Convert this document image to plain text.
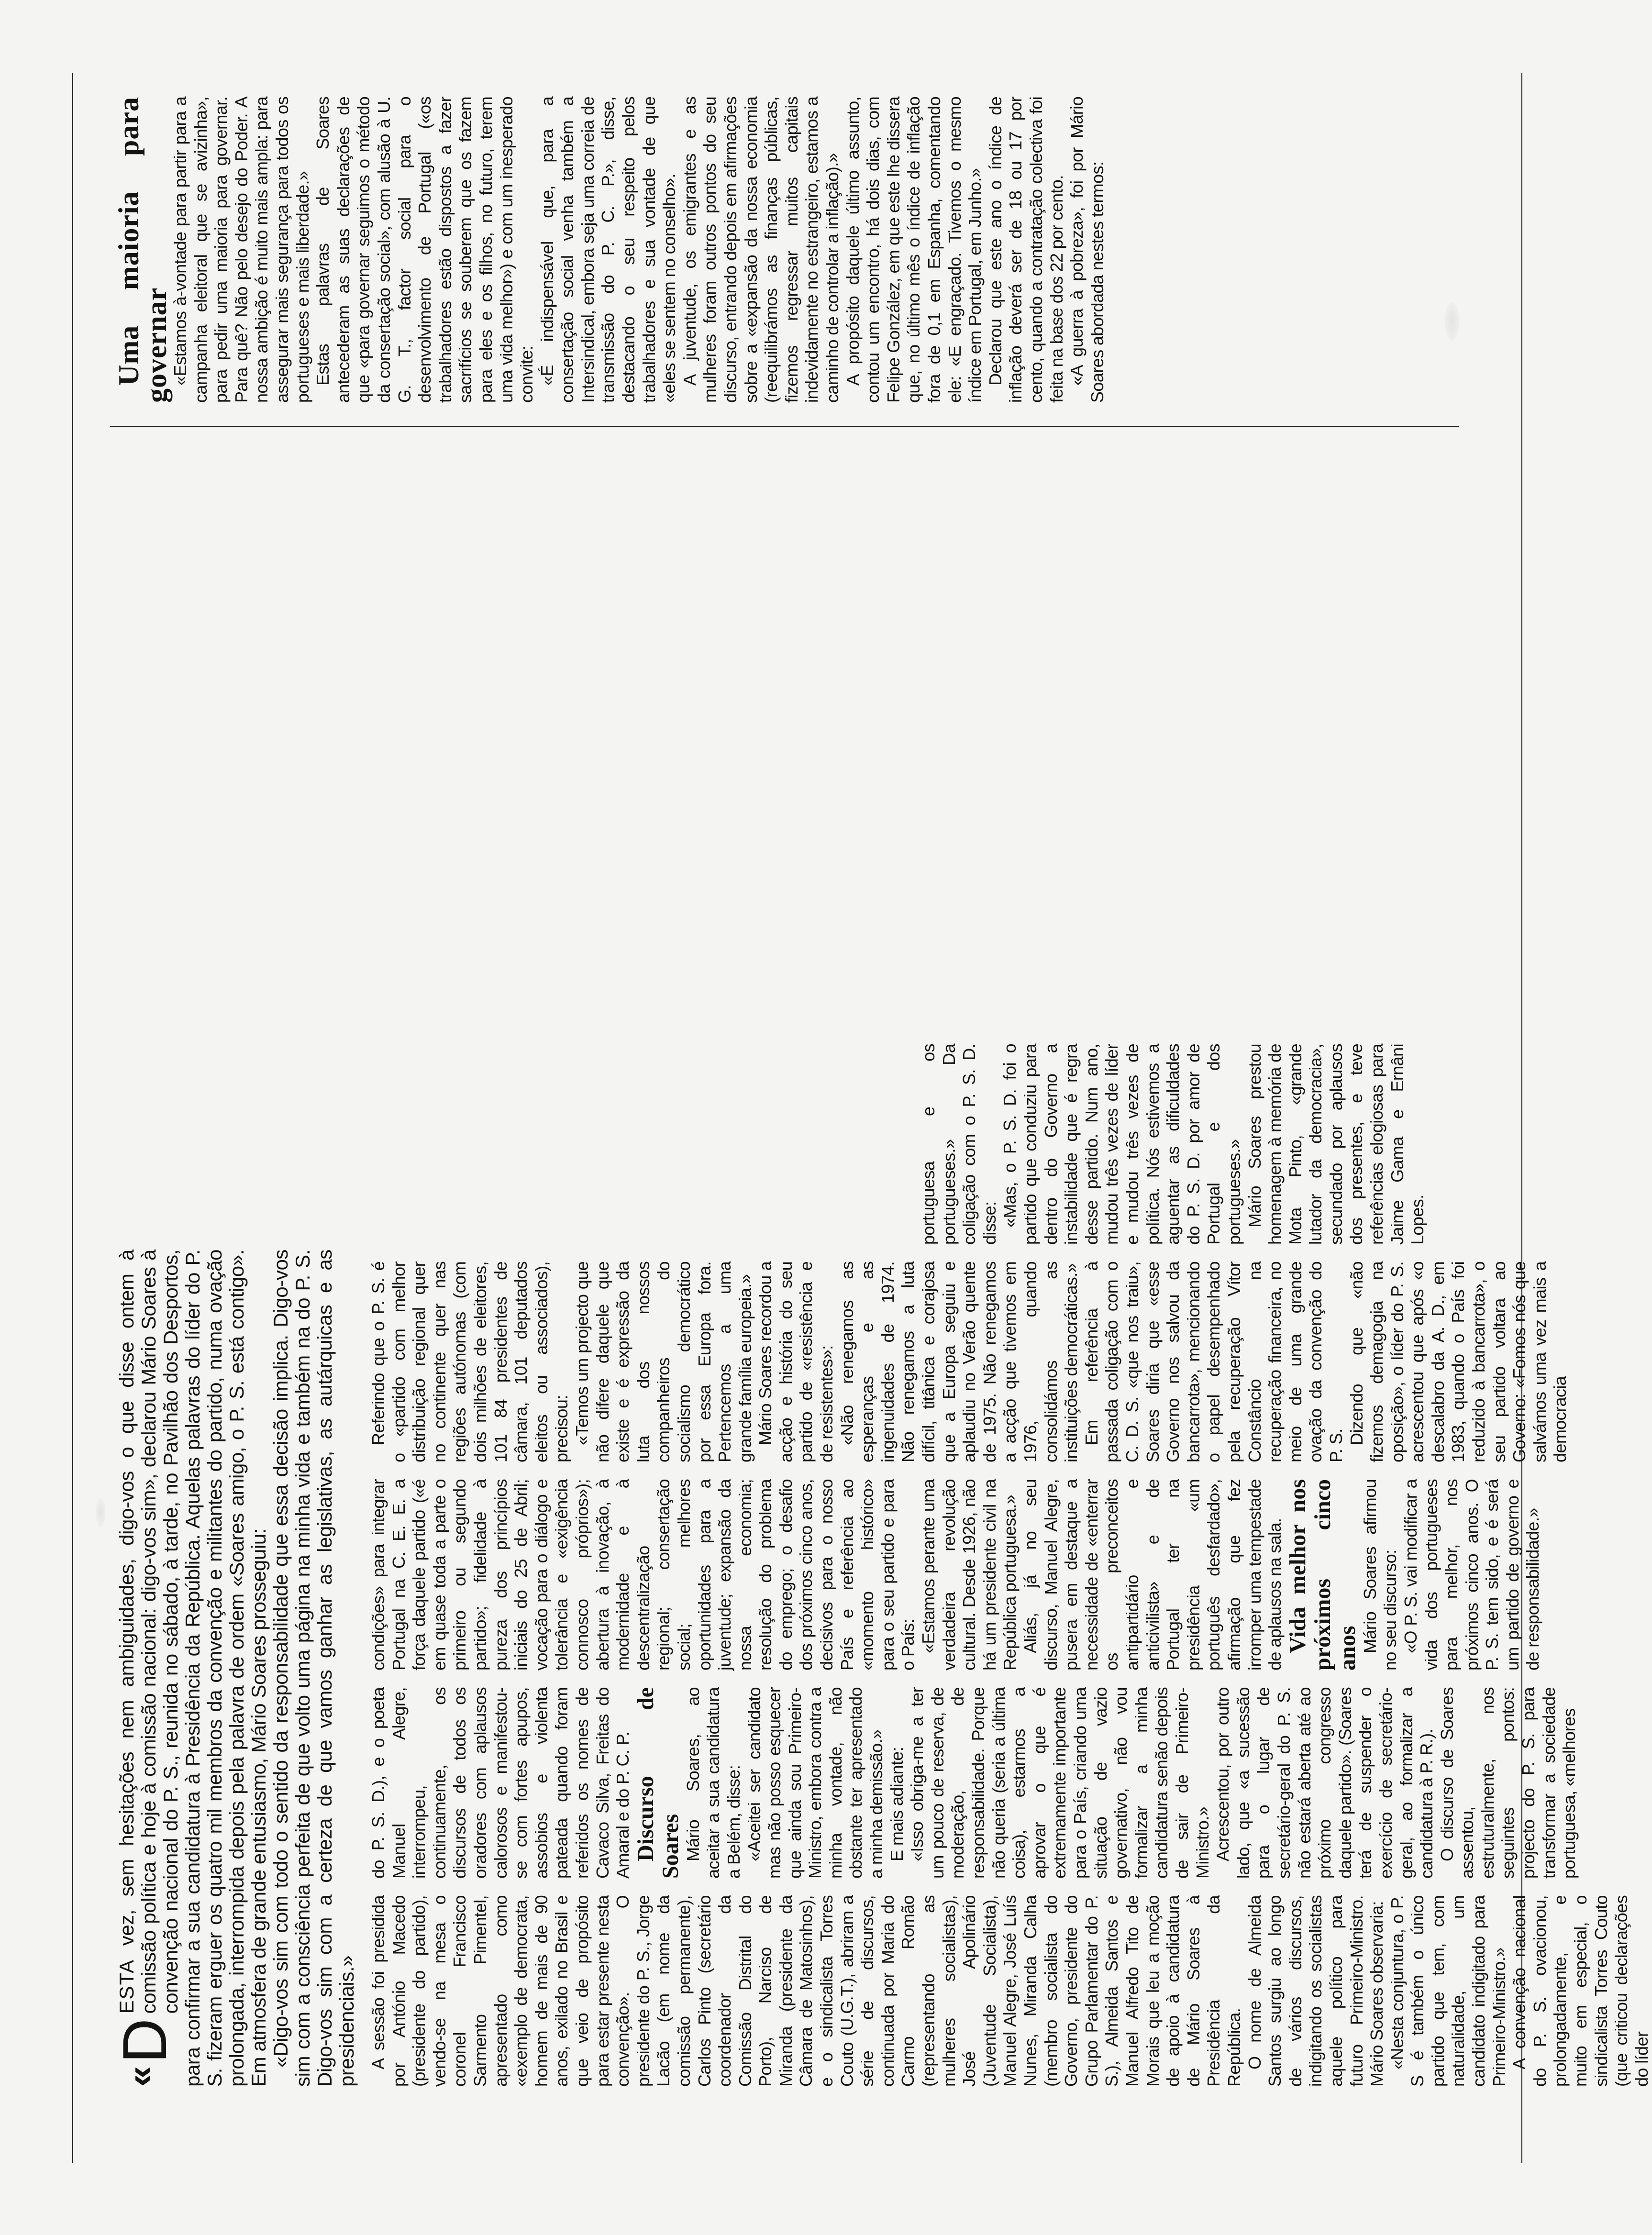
«
D

ESTA vez, sem hesitações nem ambiguidades, digo-vos o que disse ontem à comissão política e hoje à comissão nacional: digo-vos sim», declarou Mário Soares à convenção nacional do P. S., reunida no sábado, à tarde, no Pavilhão dos Desportos, para confirmar a sua candidatura à Presidência da República. Aquelas palavras do líder do P. S. fizeram erguer os quatro mil membros da convenção e militantes do partido, numa ovação prolongada, interrompida depois pela palavra de ordem «Soares amigo, o P. S. está contigo». Em atmosfera de grande entusiasmo, Mário Soares prosseguiu: «Digo-vos sim com todo o sentido da responsabilidade que essa decisão implica. Digo-vos sim com a consciência perfeita de que volto uma página na minha vida e também na do P. S. Digo-vos sim com a certeza de que vamos ganhar as legislativas, as autárquicas e as presidenciais.» A sessão foi presidida por António Macedo (presidente do partido), vendo-se na mesa o coronel Francisco Sarmento Pimentel, apresentado como «exemplo de democrata, homem de mais de 90 anos, exilado no Brasil e que veio de propósito para estar presente nesta convenção». O presidente do P. S., Jorge Lacão (em nome da comissão permanente), Carlos Pinto (secretário coordenador da Comissão Distrital do Porto), Narciso de Miranda (presidente da Câmara de Matosinhos), e o sindicalista Torres Couto (U.G.T.), abriram a série de discursos, continuada por Maria do Carmo Romão (representando as mulheres socialistas), José Apolinário (Juventude Socialista), Manuel Alegre, José Luís Nunes, Miranda Calha (membro socialista do Governo, presidente do Grupo Parlamentar do P. S.), Almeida Santos e Manuel Alfredo Tito de Morais que leu a moção de apoio à candidatura de Mário Soares à Presidência da República. O nome de Almeida Santos surgiu ao longo de vários discursos, indigitando os socialistas aquele político para futuro Primeiro-Ministro. Mário Soares observaria: «Nesta conjuntura, o P. S é também o único partido que tem, com naturalidade, um candidato indigitado para Primeiro-Ministro.» A convenção nacional do P. S. ovacionou, prolongadamente, e muito em especial, o sindicalista Torres Couto (que criticou declarações do líder

do P. S. D.), e o poeta Manuel Alegre, interrompeu, continuamente, os discursos de todos os oradores com aplausos calorosos e manifestou-se com fortes apupos, assobios e violenta pateada quando foram referidos os nomes de Cavaco Silva, Freitas do Amaral e do P. C. P. Discurso de Soares Mário Soares, ao aceitar a sua candidatura a Belém, disse: «Aceitei ser candidato mas não posso esquecer que ainda sou Primeiro-Ministro, embora contra a minha vontade, não obstante ter apresentado a minha demissão.» E mais adiante: «Isso obriga-me a ter um pouco de reserva, de moderação, de responsabilidade. Porque não queria (seria a última coisa), estarmos a aprovar o que é extremamente importante para o País, criando uma situação de vazio governativo, não vou formalizar a minha candidatura senão depois de sair de Primeiro-Ministro.» Acrescentou, por outro lado, que «a sucessão para o lugar de secretário-geral do P. S. não estará aberta até ao próximo congresso daquele partido». (Soares terá de suspender o exercício de secretário-geral, ao formalizar a candidatura à P. R.). O discurso de Soares assentou, estruturalmente, nos seguintes pontos: projecto do P. S. para transformar a sociedade portuguesa, «melhores

condições» para integrar Portugal na C. E. E. a força daquele partido («é em quase toda a parte o primeiro ou segundo partido»; fidelidade à pureza dos princípios iniciais do 25 de Abril; vocação para o diálogo e tolerância e «exigência connosco próprios»); abertura à inovação, à modernidade e à descentralização regional; consertação social; melhores oportunidades para a juventude; expansão da nossa economia; resolução do problema do emprego; o desafio dos próximos cinco anos, decisivos para o nosso País e referência ao «momento histórico» para o seu partido e para o País: «Estamos perante uma verdadeira revolução cultural. Desde 1926, não há um presidente civil na República portuguesa.» Aliás, já no seu discurso, Manuel Alegre, pusera em destaque a necessidade de «enterrar os preconceitos antipartidário e anticivilista» e de Portugal ter na presidência «um português desfardado», afirmação que fez irromper uma tempestade de aplausos na sala. Vida melhor nos próximos cinco anos Mário Soares afirmou no seu discurso: «O P. S. vai modificar a vida dos portugueses para melhor, nos próximos cinco anos. O P. S. tem sido, e é será um partido de governo e de responsabilidade.»

Referindo que o P. S. é o «partido com melhor distribuição regional quer no continente quer nas regiões autónomas (com dois milhões de eleitores, 101 84 presidentes de câmara, 101 deputados eleitos ou associados), precisou: «Temos um projecto que não difere daquele que existe e é expressão da luta dos nossos companheiros do socialismo democrático por essa Europa fora. Pertencemos a uma grande família europeia.» Mário Soares recordou a acção e história do seu partido de «resistência e de resistentes»: «Não renegamos as esperanças e as ingenuidades de 1974. Não renegamos a luta difícil, titânica e corajosa que a Europa seguiu e aplaudiu no Verão quente de 1975. Não renegamos a acção que tivemos em 1976, quando consolidámos as instituições democráticas.» Em referência à passada coligação com o C. D. S. «que nos traiu», Soares diria que «esse Governo nos salvou da bancarrota», mencionando o papel desempenhado pela recuperação Vítor Constâncio na recuperação financeira, no meio de uma grande ovação da convenção do P. S.

Dizendo que «não fizemos demagogia na oposição», o líder do P. S. acrescentou que após «o descalabro da A. D., em 1983, quando o País foi reduzido à bancarrota», o seu partido voltara ao Governo: «Fomos nós que salvámos uma vez mais a democracia

portuguesa e os portugueses.» Da coligação com o P. S. D. disse: «Mas, o P. S. D. foi o partido que conduziu para dentro do Governo a instabilidade que é regra desse partido. Num ano, mudou três vezes de líder e mudou três vezes de política. Nós estivemos a aguentar as dificuldades do P. S. D. por amor de Portugal e dos portugueses.» Mário Soares prestou homenagem à memória de Mota Pinto, «grande lutador da democracia», secundado por aplausos dos presentes, e teve referências elogiosas para Jaime Gama e Ernâni Lopes.

Uma maioria para governar

«Estamos à-vontade para partir para a campanha eleitoral que se avizinha», para pedir uma maioria para governar. Para quê? Não pelo desejo do Poder. A nossa ambição é muito mais ampla: para assegurar mais segurança para todos os portugueses e mais liberdade.» Estas palavras de Soares antecederam as suas declarações de que «para governar seguimos o método da consertação social», com alusão à U. G. T., factor social para o desenvolvimento de Portugal («os trabalhadores estão dispostos a fazer sacrifícios se souberem que os fazem para eles e os filhos, no futuro, terem uma vida melhor») e com um inesperado convite: «É indispensável que, para a consertação social venha também a Intersindical, embora seja uma correia de transmissão do P. C. P.», disse, destacando o seu respeito pelos trabalhadores e sua vontade de que «eles se sentem no conselho». A juventude, os emigrantes e as mulheres foram outros pontos do seu discurso, entrando depois em afirmações sobre a «expansão da nossa economia (reequilibrámos as finanças públicas, fizemos regressar muitos capitais indevidamente no estrangeiro, estamos a caminho de controlar a inflação).» A propósito daquele último assunto, contou um encontro, há dois dias, com Felipe González, em que este lhe dissera que, no último mês o índice de inflação fora de 0,1 em Espanha, comentando ele: «E engraçado. Tivemos o mesmo índice em Portugal, em Junho.» Declarou que este ano o índice de inflação deverá ser de 18 ou 17 por cento, quando a contratação colectiva foi feita na base dos 22 por cento. «A guerra à pobreza», foi por Mário Soares abordada nestes termos:
